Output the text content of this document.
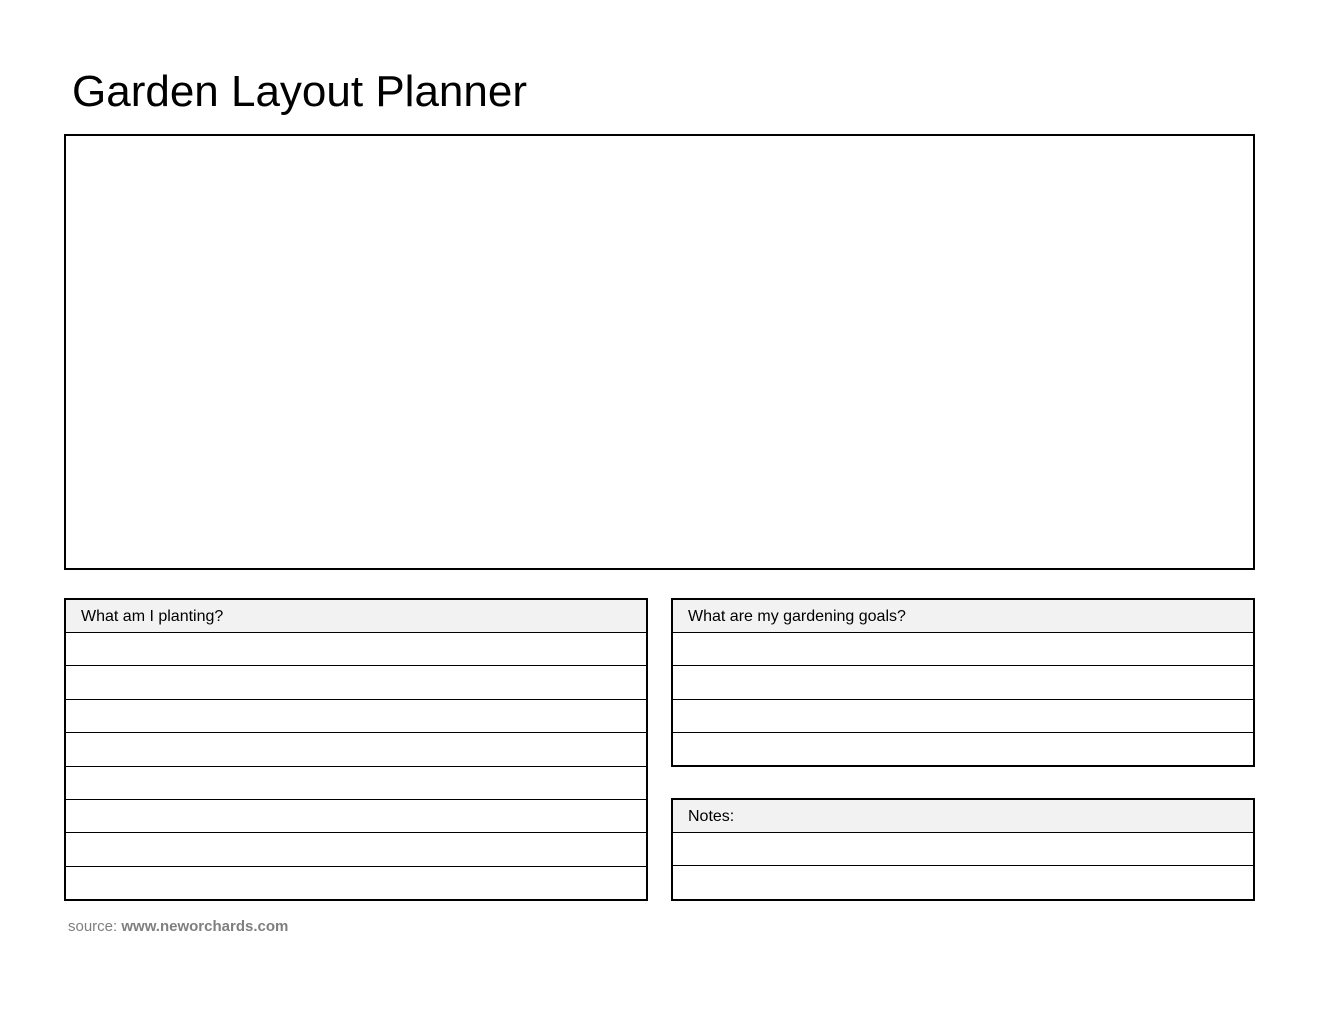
Garden Layout Planner
What am I planting?	What are my gardening goals?
Notes:
source: www.neworchards.com
